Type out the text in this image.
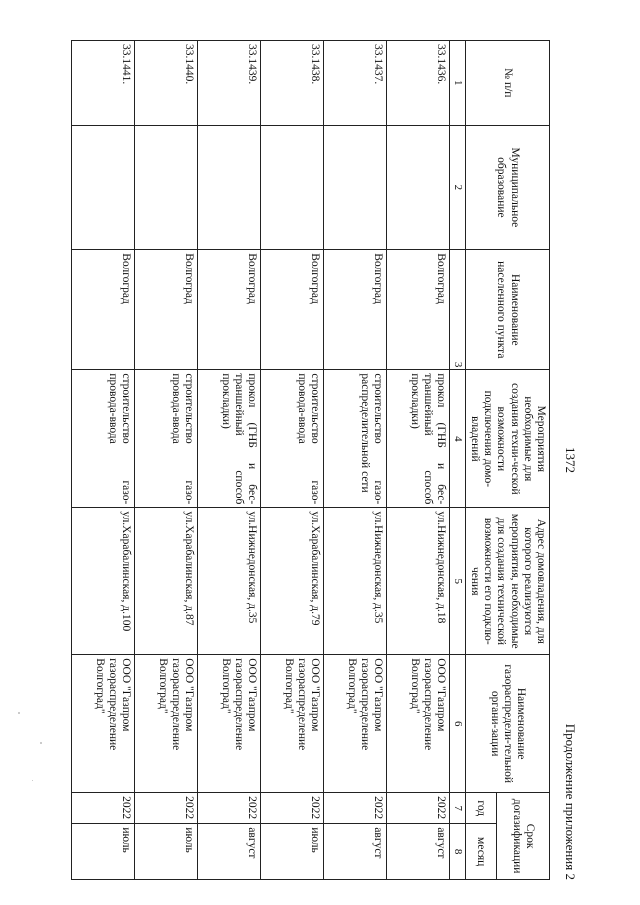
1372
Продолжение приложения 2
№ п/п	Муниципальное образование	Наименование населенного пункта	Мероприятия необходимые для создания техни-ческой возможности подключения домо-владений	Адрес домовладения, для которого реализуются мероприятия, необходимые для создания технической возможности его подклю-чения	Наименование газораспредели-тельной органи-зации	Срок догазификации	
						год	месяц
1	2	3	4	5	6	7	8
33.1436.		Волгоград	прокол (ГНБ и бес-траншейный способ прокладки)	ул.Нижнедонская, д.18	ООО "Газпром газораспределение Волгоград"	2022	август
33.1437.		Волгоград	строительство газо-распределительной сети	ул.Нижнедонская, д.35	ООО "Газпром газораспределение Волгоград"	2022	август
33.1438.		Волгоград	строительство газо-провода-ввода	ул.Харабалинская, д.79	ООО "Газпром газораспределение Волгоград"	2022	июль
33.1439.		Волгоград	прокол (ГНБ и бес-траншейный способ прокладки)	ул.Нижнедонская, д.35	ООО "Газпром газораспределение Волгоград"	2022	август
33.1440.		Волгоград	строительство газо-провода-ввода	ул.Харабалинская, д.87	ООО "Газпром газораспределение Волгоград"	2022	июль
33.1441.		Волгоград	строительство газо-провода-ввода	ул.Харабалинская, д.100	ООО "Газпром газораспределение Волгоград"	2022	июль
